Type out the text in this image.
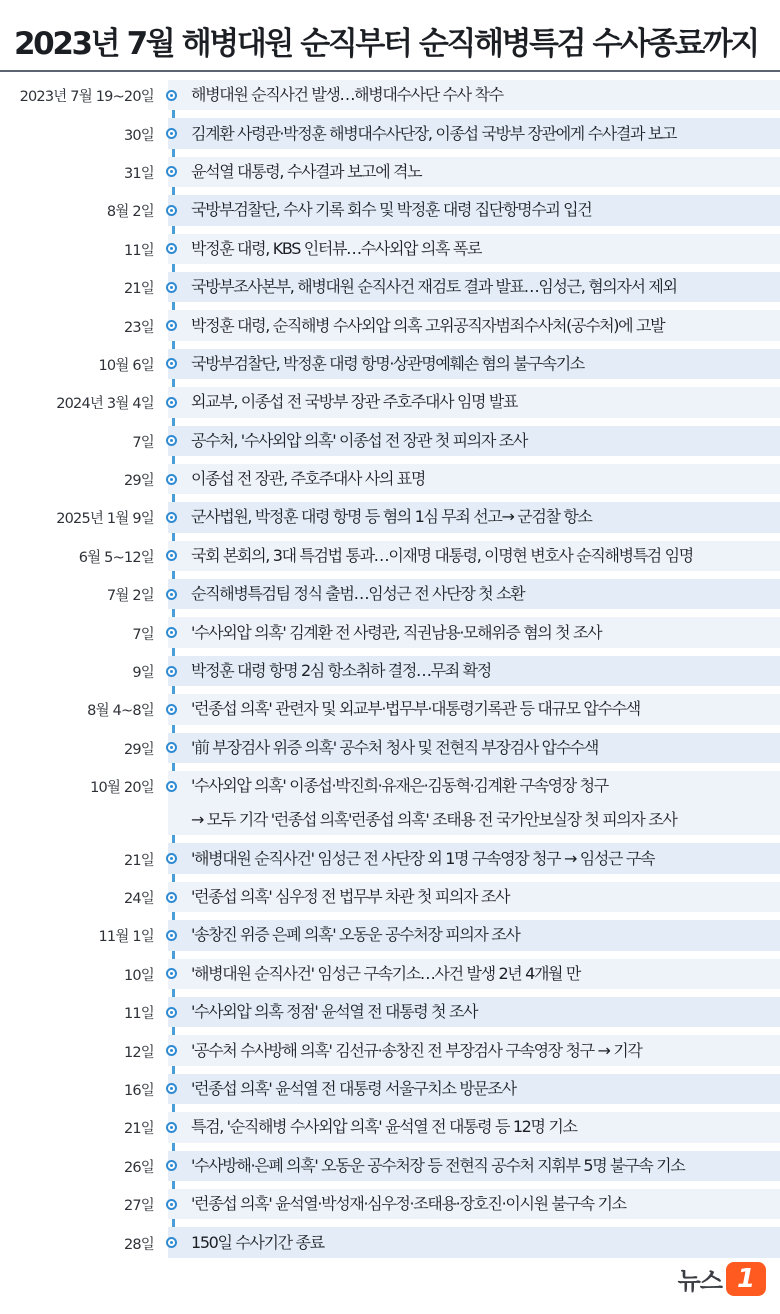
2023년 7월 해병대원 순직부터 순직해병특검 수사종료까지
2023년 7월 19~20일 해병대원 순직사건 발생…해병대수사단 수사 착수
30일 김계환 사령관·박정훈 해병대수사단장, 이종섭 국방부 장관에게 수사결과 보고
31일 윤석열 대통령, 수사결과 보고에 격노
8월 2일 국방부검찰단, 수사 기록 회수 및 박정훈 대령 집단항명수괴 입건
11일 박정훈 대령, KBS 인터뷰…수사외압 의혹 폭로
21일 국방부조사본부, 해병대원 순직사건 재검토 결과 발표…임성근, 혐의자서 제외
23일 박정훈 대령, 순직해병 수사외압 의혹 고위공직자범죄수사처(공수처)에 고발
10월 6일 국방부검찰단, 박정훈 대령 항명·상관명예훼손 혐의 불구속기소
2024년 3월 4일 외교부, 이종섭 전 국방부 장관 주호주대사 임명 발표
7일 공수처, '수사외압 의혹' 이종섭 전 장관 첫 피의자 조사
29일 이종섭 전 장관, 주호주대사 사의 표명
2025년 1월 9일 군사법원, 박정훈 대령 항명 등 혐의 1심 무죄 선고→ 군검찰 항소
6월 5~12일 국회 본회의, 3대 특검법 통과…이재명 대통령, 이명현 변호사 순직해병특검 임명
7월 2일 순직해병특검팀 정식 출범…임성근 전 사단장 첫 소환
7일 '수사외압 의혹' 김계환 전 사령관, 직권남용·모해위증 혐의 첫 조사
9일 박정훈 대령 항명 2심 항소취하 결정…무죄 확정
8월 4~8일 '런종섭 의혹' 관련자 및 외교부·법무부·대통령기록관 등 대규모 압수수색
29일 '前 부장검사 위증 의혹' 공수처 청사 및 전현직 부장검사 압수수색
10월 20일 '수사외압 의혹' 이종섭·박진희·유재은·김동혁·김계환 구속영장 청구
→ 모두 기각 '런종섭 의혹'런종섭 의혹' 조태용 전 국가안보실장 첫 피의자 조사
21일 '해병대원 순직사건' 임성근 전 사단장 외 1명 구속영장 청구 → 임성근 구속
24일 '런종섭 의혹' 심우정 전 법무부 차관 첫 피의자 조사
11월 1일 '송창진 위증 은폐 의혹' 오동운 공수처장 피의자 조사
10일 '해병대원 순직사건' 임성근 구속기소…사건 발생 2년 4개월 만
11일 '수사외압 의혹 정점' 윤석열 전 대통령 첫 조사
12일 '공수처 수사방해 의혹' 김선규·송창진 전 부장검사 구속영장 청구 → 기각
16일 '런종섭 의혹' 윤석열 전 대통령 서울구치소 방문조사
21일 특검, '순직해병 수사외압 의혹' 윤석열 전 대통령 등 12명 기소
26일 '수사방해·은폐 의혹' 오동운 공수처장 등 전현직 공수처 지휘부 5명 불구속 기소
27일 '런종섭 의혹' 윤석열·박성재·심우정·조태용·장호진·이시원 불구속 기소
28일 150일 수사기간 종료
뉴스 1
